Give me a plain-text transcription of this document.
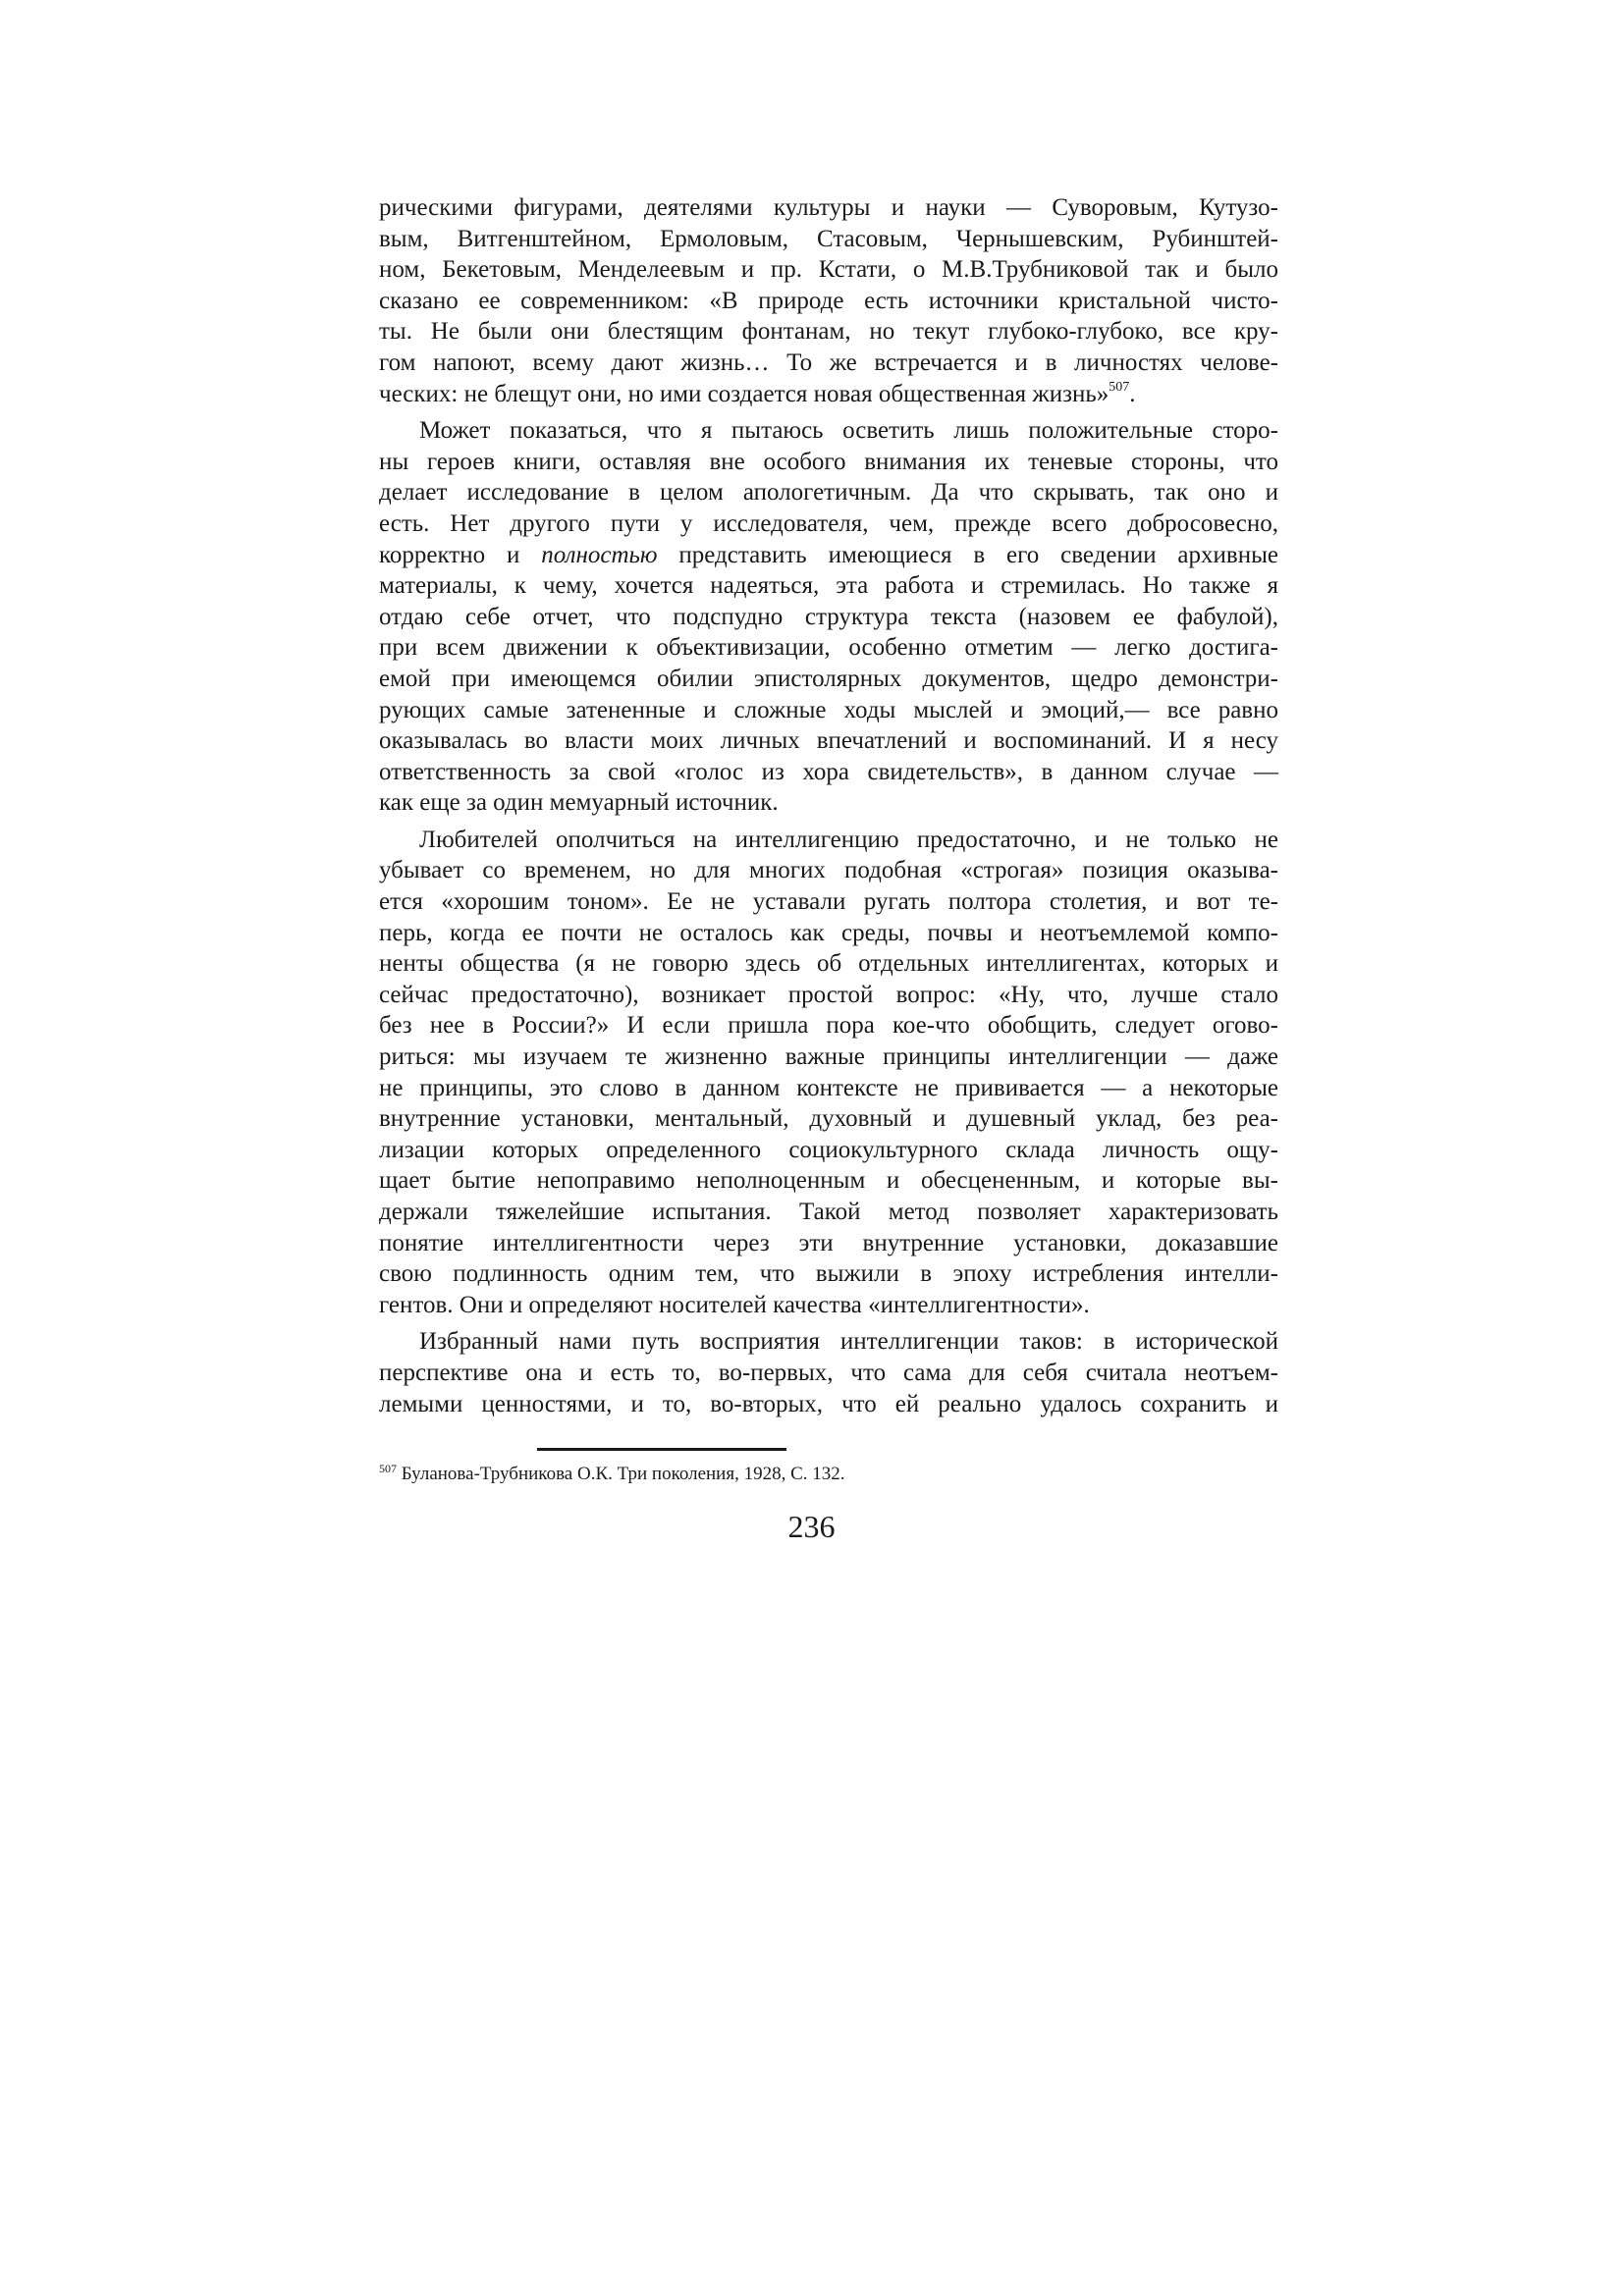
рическими фигурами, деятелями культуры и науки — Суворовым, Кутузо-
вым, Витгенштейном, Ермоловым, Стасовым, Чернышевским, Рубинштей-
ном, Бекетовым, Менделеевым и пр. Кстати, о М.В.Трубниковой так и было
сказано ее современником: «В природе есть источники кристальной чисто-
ты. Не были они блестящим фонтанам, но текут глубоко-глубоко, все кру-
гом напоют, всему дают жизнь… То же встречается и в личностях челове-
ческих: не блещут они, но ими создается новая общественная жизнь»$^{507}$.
Может показаться, что я пытаюсь осветить лишь положительные сторо-
ны героев книги, оставляя вне особого внимания их теневые стороны, что
делает исследование в целом апологетичным. Да что скрывать, так оно и
есть. Нет другого пути у исследователя, чем, прежде всего добросовесно,
корректно и полностью представить имеющиеся в его сведении архивные
материалы, к чему, хочется надеяться, эта работа и стремилась. Но также я
отдаю себе отчет, что подспудно структура текста (назовем ее фабулой),
при всем движении к объективизации, особенно отметим — легко достига-
емой при имеющемся обилии эпистолярных документов, щедро демонстри-
рующих самые затененные и сложные ходы мыслей и эмоций,— все равно
оказывалась во власти моих личных впечатлений и воспоминаний. И я несу
ответственность за свой «голос из хора свидетельств», в данном случае —
как еще за один мемуарный источник.
Любителей ополчиться на интеллигенцию предостаточно, и не только не
убывает со временем, но для многих подобная «строгая» позиция оказыва-
ется «хорошим тоном». Ее не уставали ругать полтора столетия, и вот те-
перь, когда ее почти не осталось как среды, почвы и неотъемлемой компо-
ненты общества (я не говорю здесь об отдельных интеллигентах, которых и
сейчас предостаточно), возникает простой вопрос: «Ну, что, лучше стало
без нее в России?» И если пришла пора кое-что обобщить, следует огово-
риться: мы изучаем те жизненно важные принципы интеллигенции — даже
не принципы, это слово в данном контексте не прививается — а некоторые
внутренние установки, ментальный, духовный и душевный уклад, без реа-
лизации которых определенного социокультурного склада личность ощу-
щает бытие непоправимо неполноценным и обесцененным, и которые вы-
держали тяжелейшие испытания. Такой метод позволяет характеризовать
понятие интеллигентности через эти внутренние установки, доказавшие
свою подлинность одним тем, что выжили в эпоху истребления интелли-
гентов. Они и определяют носителей качества «интеллигентности».
Избранный нами путь восприятия интеллигенции таков: в исторической
перспективе она и есть то, во-первых, что сама для себя считала неотъем-
лемыми ценностями, и то, во-вторых, что ей реально удалось сохранить и
$^{507}$ Буланова-Трубникова О.К. Три поколения, 1928, С. 132.
236
